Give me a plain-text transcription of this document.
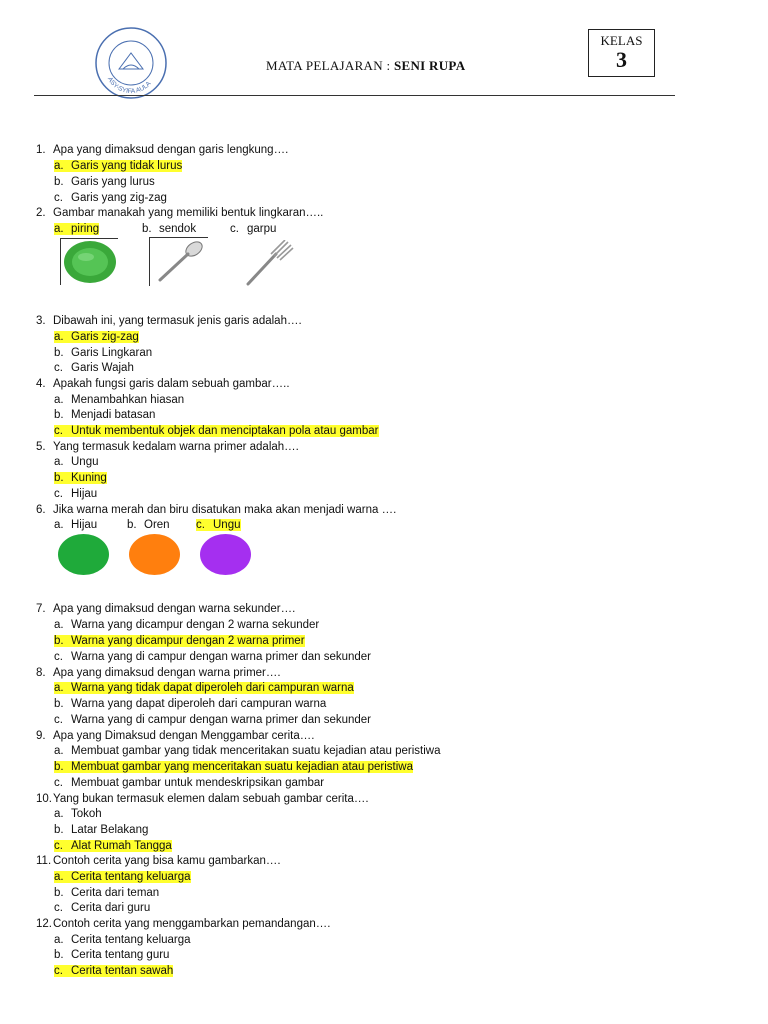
ASY-SYIFA AULA
MATA PELAJARAN : SENI RUPA
KELAS
3
1. Apa yang dimaksud dengan garis lengkung….
a. Garis yang tidak lurus
b. Garis yang lurus
c. Garis yang zig-zag
2. Gambar manakah yang memiliki bentuk lingkaran…..
a. piring	b. sendok	c. garpu
3. Dibawah ini, yang termasuk jenis garis adalah….
a. Garis zig-zag
b. Garis Lingkaran
c. Garis Wajah
4. Apakah fungsi garis dalam sebuah gambar…..
a. Menambahkan hiasan
b. Menjadi batasan
c. Untuk membentuk objek dan menciptakan pola atau gambar
5. Yang termasuk kedalam warna primer adalah….
a. Ungu
b. Kuning
c. Hijau
6. Jika warna merah dan biru disatukan maka akan menjadi warna ….
a. Hijau	b. Oren c. Ungu
7. Apa yang dimaksud dengan warna sekunder….
a. Warna yang dicampur dengan 2 warna sekunder
b. Warna yang dicampur dengan 2 warna primer
c. Warna yang di campur dengan warna primer dan sekunder
8. Apa yang dimaksud dengan warna primer….
a. Warna yang tidak dapat diperoleh dari campuran warna
b. Warna yang dapat diperoleh dari campuran warna
c. Warna yang di campur dengan warna primer dan sekunder
9. Apa yang Dimaksud dengan Menggambar cerita….
a. Membuat gambar yang tidak menceritakan suatu kejadian atau peristiwa
b. Membuat gambar yang menceritakan suatu kejadian atau peristiwa
c. Membuat gambar untuk mendeskripsikan gambar
10.Yang bukan termasuk elemen dalam sebuah gambar cerita….
a. Tokoh
b. Latar Belakang
c. Alat Rumah Tangga
11. Contoh cerita yang bisa kamu gambarkan….
a. Cerita tentang keluarga
b. Cerita dari teman
c. Cerita dari guru
12.Contoh cerita yang menggambarkan pemandangan….
a. Cerita tentang keluarga
b. Cerita tentang guru
c. Cerita tentan sawah
